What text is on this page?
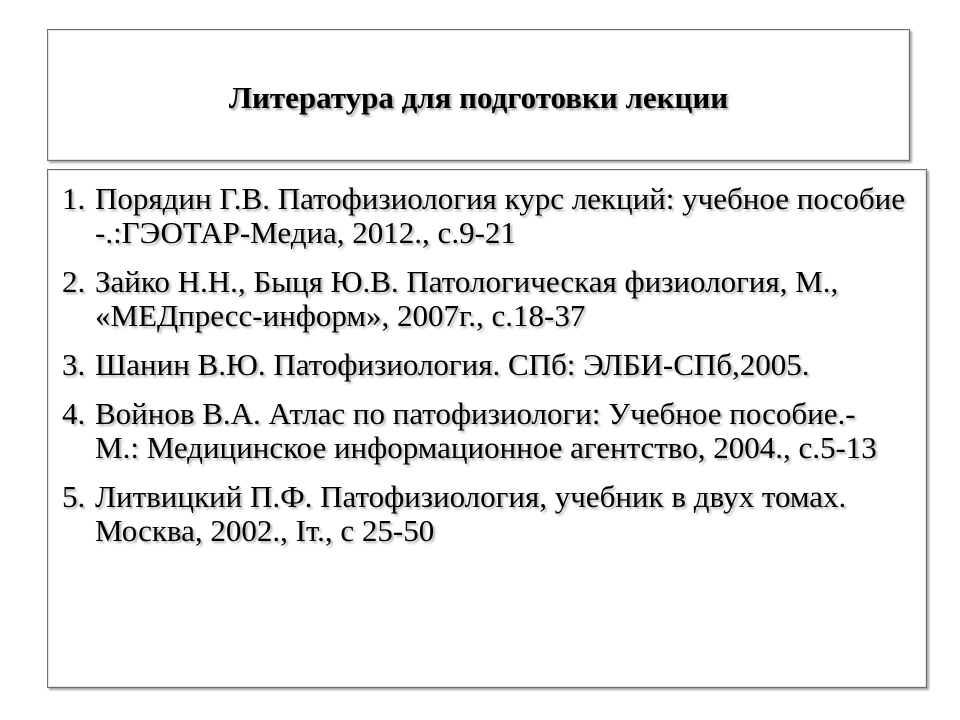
Литература для подготовки лекции
1. Порядин Г.В. Патофизиология курс лекций: учебное пособие -.:ГЭОТАР-Медиа, 2012., с.9-21
2. Зайко Н.Н., Быця Ю.В. Патологическая физиология, М., «МЕДпресс-информ», 2007г., с.18-37
3. Шанин В.Ю. Патофизиология. СПб: ЭЛБИ-СПб,2005.
4. Войнов В.А. Атлас по патофизиологи: Учебное пособие.- М.: Медицинское информационное агентство, 2004., с.5-13
5. Литвицкий П.Ф. Патофизиология, учебник в двух томах. Москва, 2002., Iт., с 25-50
